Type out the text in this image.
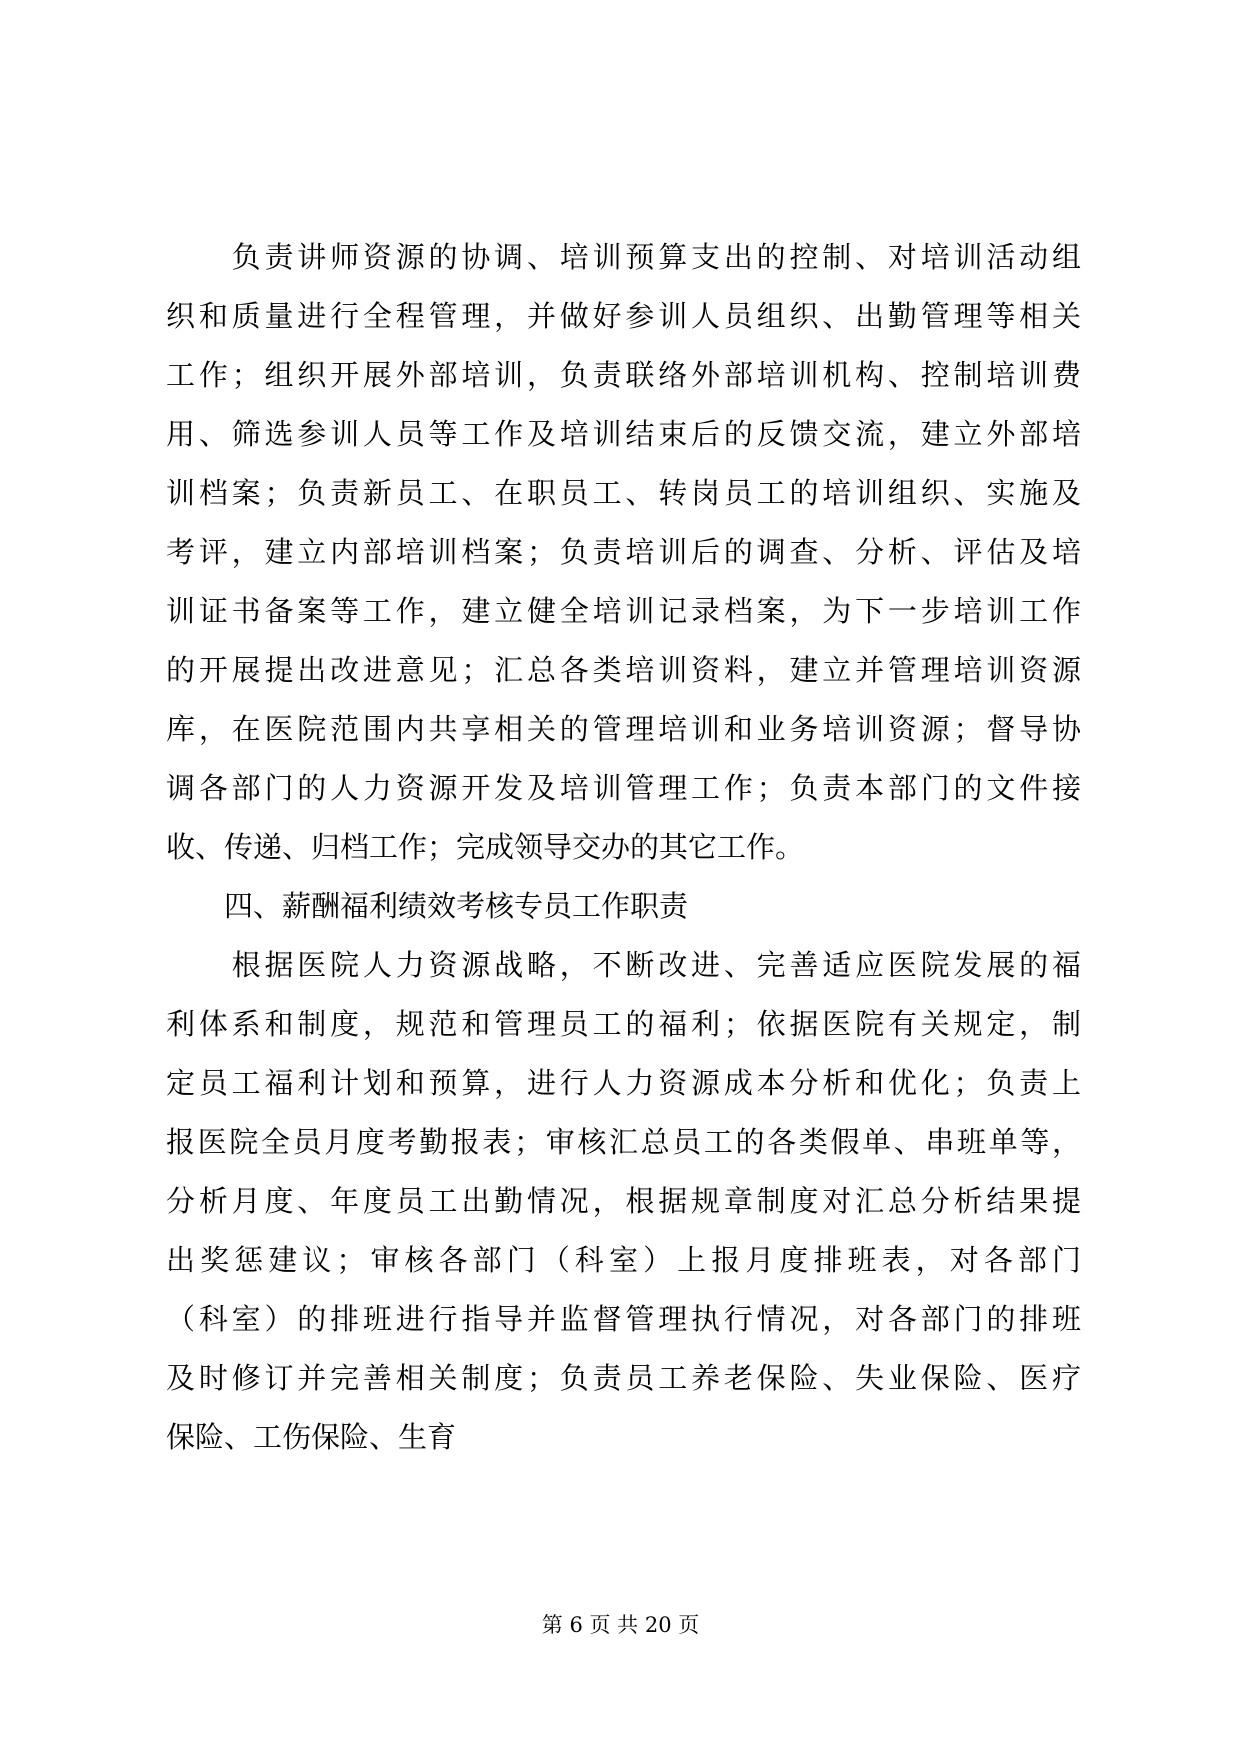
　　负责讲师资源的协调、培训预算支出的控制、对培训活动组
织和质量进行全程管理，并做好参训人员组织、出勤管理等相关
工作；组织开展外部培训，负责联络外部培训机构、控制培训费
用、筛选参训人员等工作及培训结束后的反馈交流，建立外部培
训档案；负责新员工、在职员工、转岗员工的培训组织、实施及
考评，建立内部培训档案；负责培训后的调查、分析、评估及培
训证书备案等工作，建立健全培训记录档案，为下一步培训工作
的开展提出改进意见；汇总各类培训资料，建立并管理培训资源
库，在医院范围内共享相关的管理培训和业务培训资源；督导协
调各部门的人力资源开发及培训管理工作；负责本部门的文件接
收、传递、归档工作；完成领导交办的其它工作。
　　四、薪酬福利绩效考核专员工作职责
　　根据医院人力资源战略，不断改进、完善适应医院发展的福
利体系和制度，规范和管理员工的福利；依据医院有关规定，制
定员工福利计划和预算，进行人力资源成本分析和优化；负责上
报医院全员月度考勤报表；审核汇总员工的各类假单、串班单等，
分析月度、年度员工出勤情况，根据规章制度对汇总分析结果提
出奖惩建议；审核各部门（科室）上报月度排班表，对各部门
（科室）的排班进行指导并监督管理执行情况，对各部门的排班
及时修订并完善相关制度；负责员工养老保险、失业保险、医疗
保险、工伤保险、生育
第 6 页 共 20 页
